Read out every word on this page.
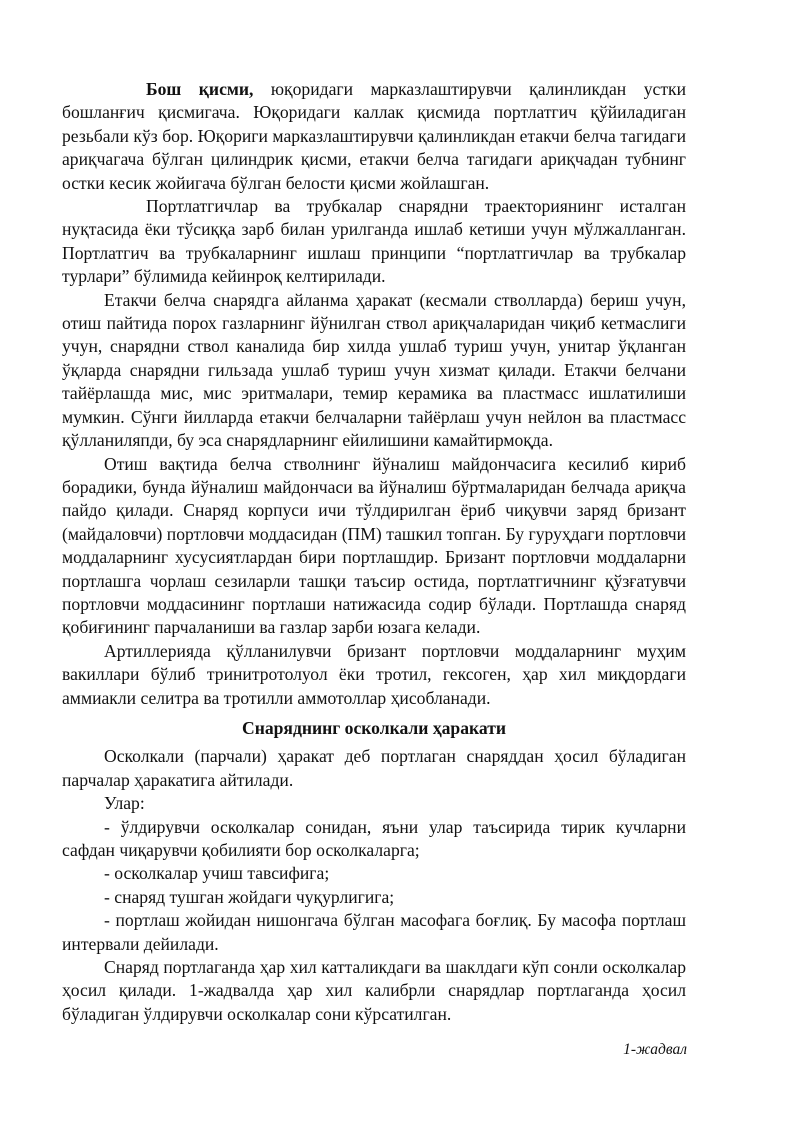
Бош қисми, юқоридаги марказлаштирувчи қалинликдан устки бошланғич қисмигача. Юқоридаги каллак қисмида портлатгич қўйиладиган резьбали кўз бор. Юқориги марказлаштирувчи қалинликдан етакчи белча тагидаги ариқчагача бўлган цилиндрик қисми, етакчи белча тагидаги ариқчадан тубнинг остки кесик жойигача бўлган белости қисми жойлашган.

Портлатгичлар ва трубкалар снарядни траекториянинг исталган нуқтасида ёки тўсиққа зарб билан урилганда ишлаб кетиши учун мўлжалланган. Портлатгич ва трубкаларнинг ишлаш принципи “портлатгичлар ва трубкалар турлари” бўлимида кейинроқ келтирилади.

Етакчи белча снарядга айланма ҳаракат (кесмали стволларда) бериш учун, отиш пайтида порох газларнинг йўнилган ствол ариқчаларидан чиқиб кетмаслиги учун, снарядни ствол каналида бир хилда ушлаб туриш учун, унитар ўқланган ўқларда снарядни гильзада ушлаб туриш учун хизмат қилади. Етакчи белчани тайёрлашда мис, мис эритмалари, темир керамика ва пластмасс ишлатилиши мумкин. Сўнги йилларда етакчи белчаларни тайёрлаш учун нейлон ва пластмасс қўлланиляпди, бу эса снарядларнинг ейилишини камайтирмоқда.

Отиш вақтида белча стволнинг йўналиш майдончасига кесилиб кириб борадики, бунда йўналиш майдончаси ва йўналиш бўртмаларидан белчада ариқча пайдо қилади. Снаряд корпуси ичи тўлдирилган ёриб чиқувчи заряд бризант (майдаловчи) портловчи моддасидан (ПМ) ташкил топган. Бу гуруҳдаги портловчи моддаларнинг хусусиятлардан бири портлашдир. Бризант портловчи моддаларни портлашга чорлаш сезиларли ташқи таъсир остида, портлатгичнинг қўзғатувчи портловчи моддасининг портлаши натижасида содир бўлади. Портлашда снаряд қобиғининг парчаланиши ва газлар зарби юзага келади.

Артиллерияда қўлланилувчи бризант портловчи моддаларнинг муҳим вакиллари бўлиб тринитротолуол ёки тротил, гексоген, ҳар хил миқдордаги аммиакли селитра ва тротилли аммотоллар ҳисобланади.

Снаряднинг осколкали ҳаракати

Осколкали (парчали) ҳаракат деб портлаган снаряддан ҳосил бўладиган парчалар ҳаракатига айтилади.

Улар:

- ўлдирувчи осколкалар сонидан, яъни улар таъсирида тирик кучларни сафдан чиқарувчи қобилияти бор осколкаларга;

- осколкалар учиш тавсифига;

- снаряд тушган жойдаги чуқурлигига;

- портлаш жойидан нишонгача бўлган масофага боғлиқ. Бу масофа портлаш интервали дейилади.

Снаряд портлаганда ҳар хил катталикдаги ва шаклдаги кўп сонли осколкалар ҳосил қилади. 1-жадвалда ҳар хил калибрли снарядлар портлаганда ҳосил бўладиган ўлдирувчи осколкалар сони кўрсатилган.

1-жадвал
